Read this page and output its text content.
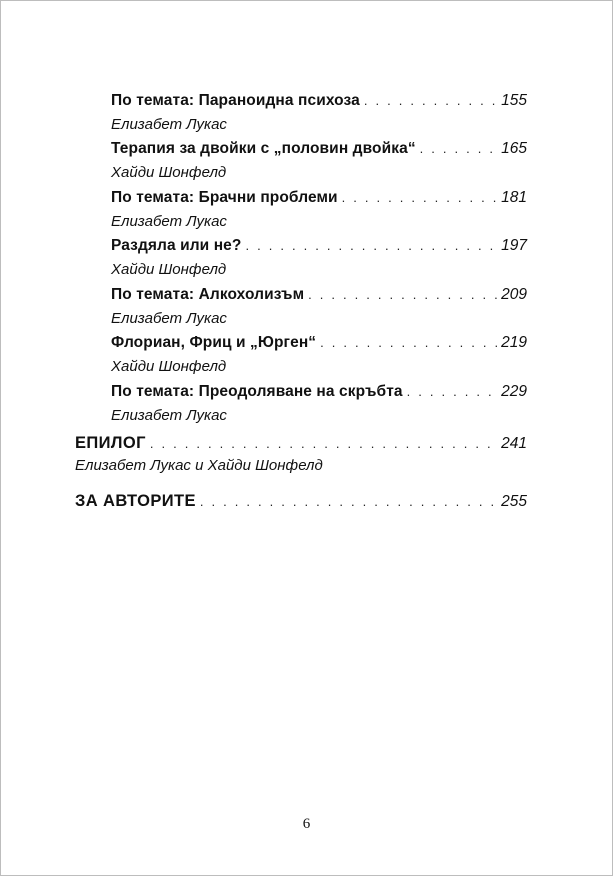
По темата: Параноидна психоза . . .	155
Елизабет Лукас
Терапия за двойки с „половин двойка“ . . .	165
Хайди Шонфелд
По темата: Брачни проблеми . . .	181
Елизабет Лукас
Раздяла или не? . . .	197
Хайди Шонфелд
По темата: Алкохолизъм . . .	209
Елизабет Лукас
Флориан, Фриц и „Юрген“ . . .	219
Хайди Шонфелд
По темата: Преодоляване на скръбта . . .	229
Елизабет Лукас
ЕПИЛОГ . . .	241
Елизабет Лукас и Хайди Шонфелд
ЗА АВТОРИТЕ . . .	255
6
